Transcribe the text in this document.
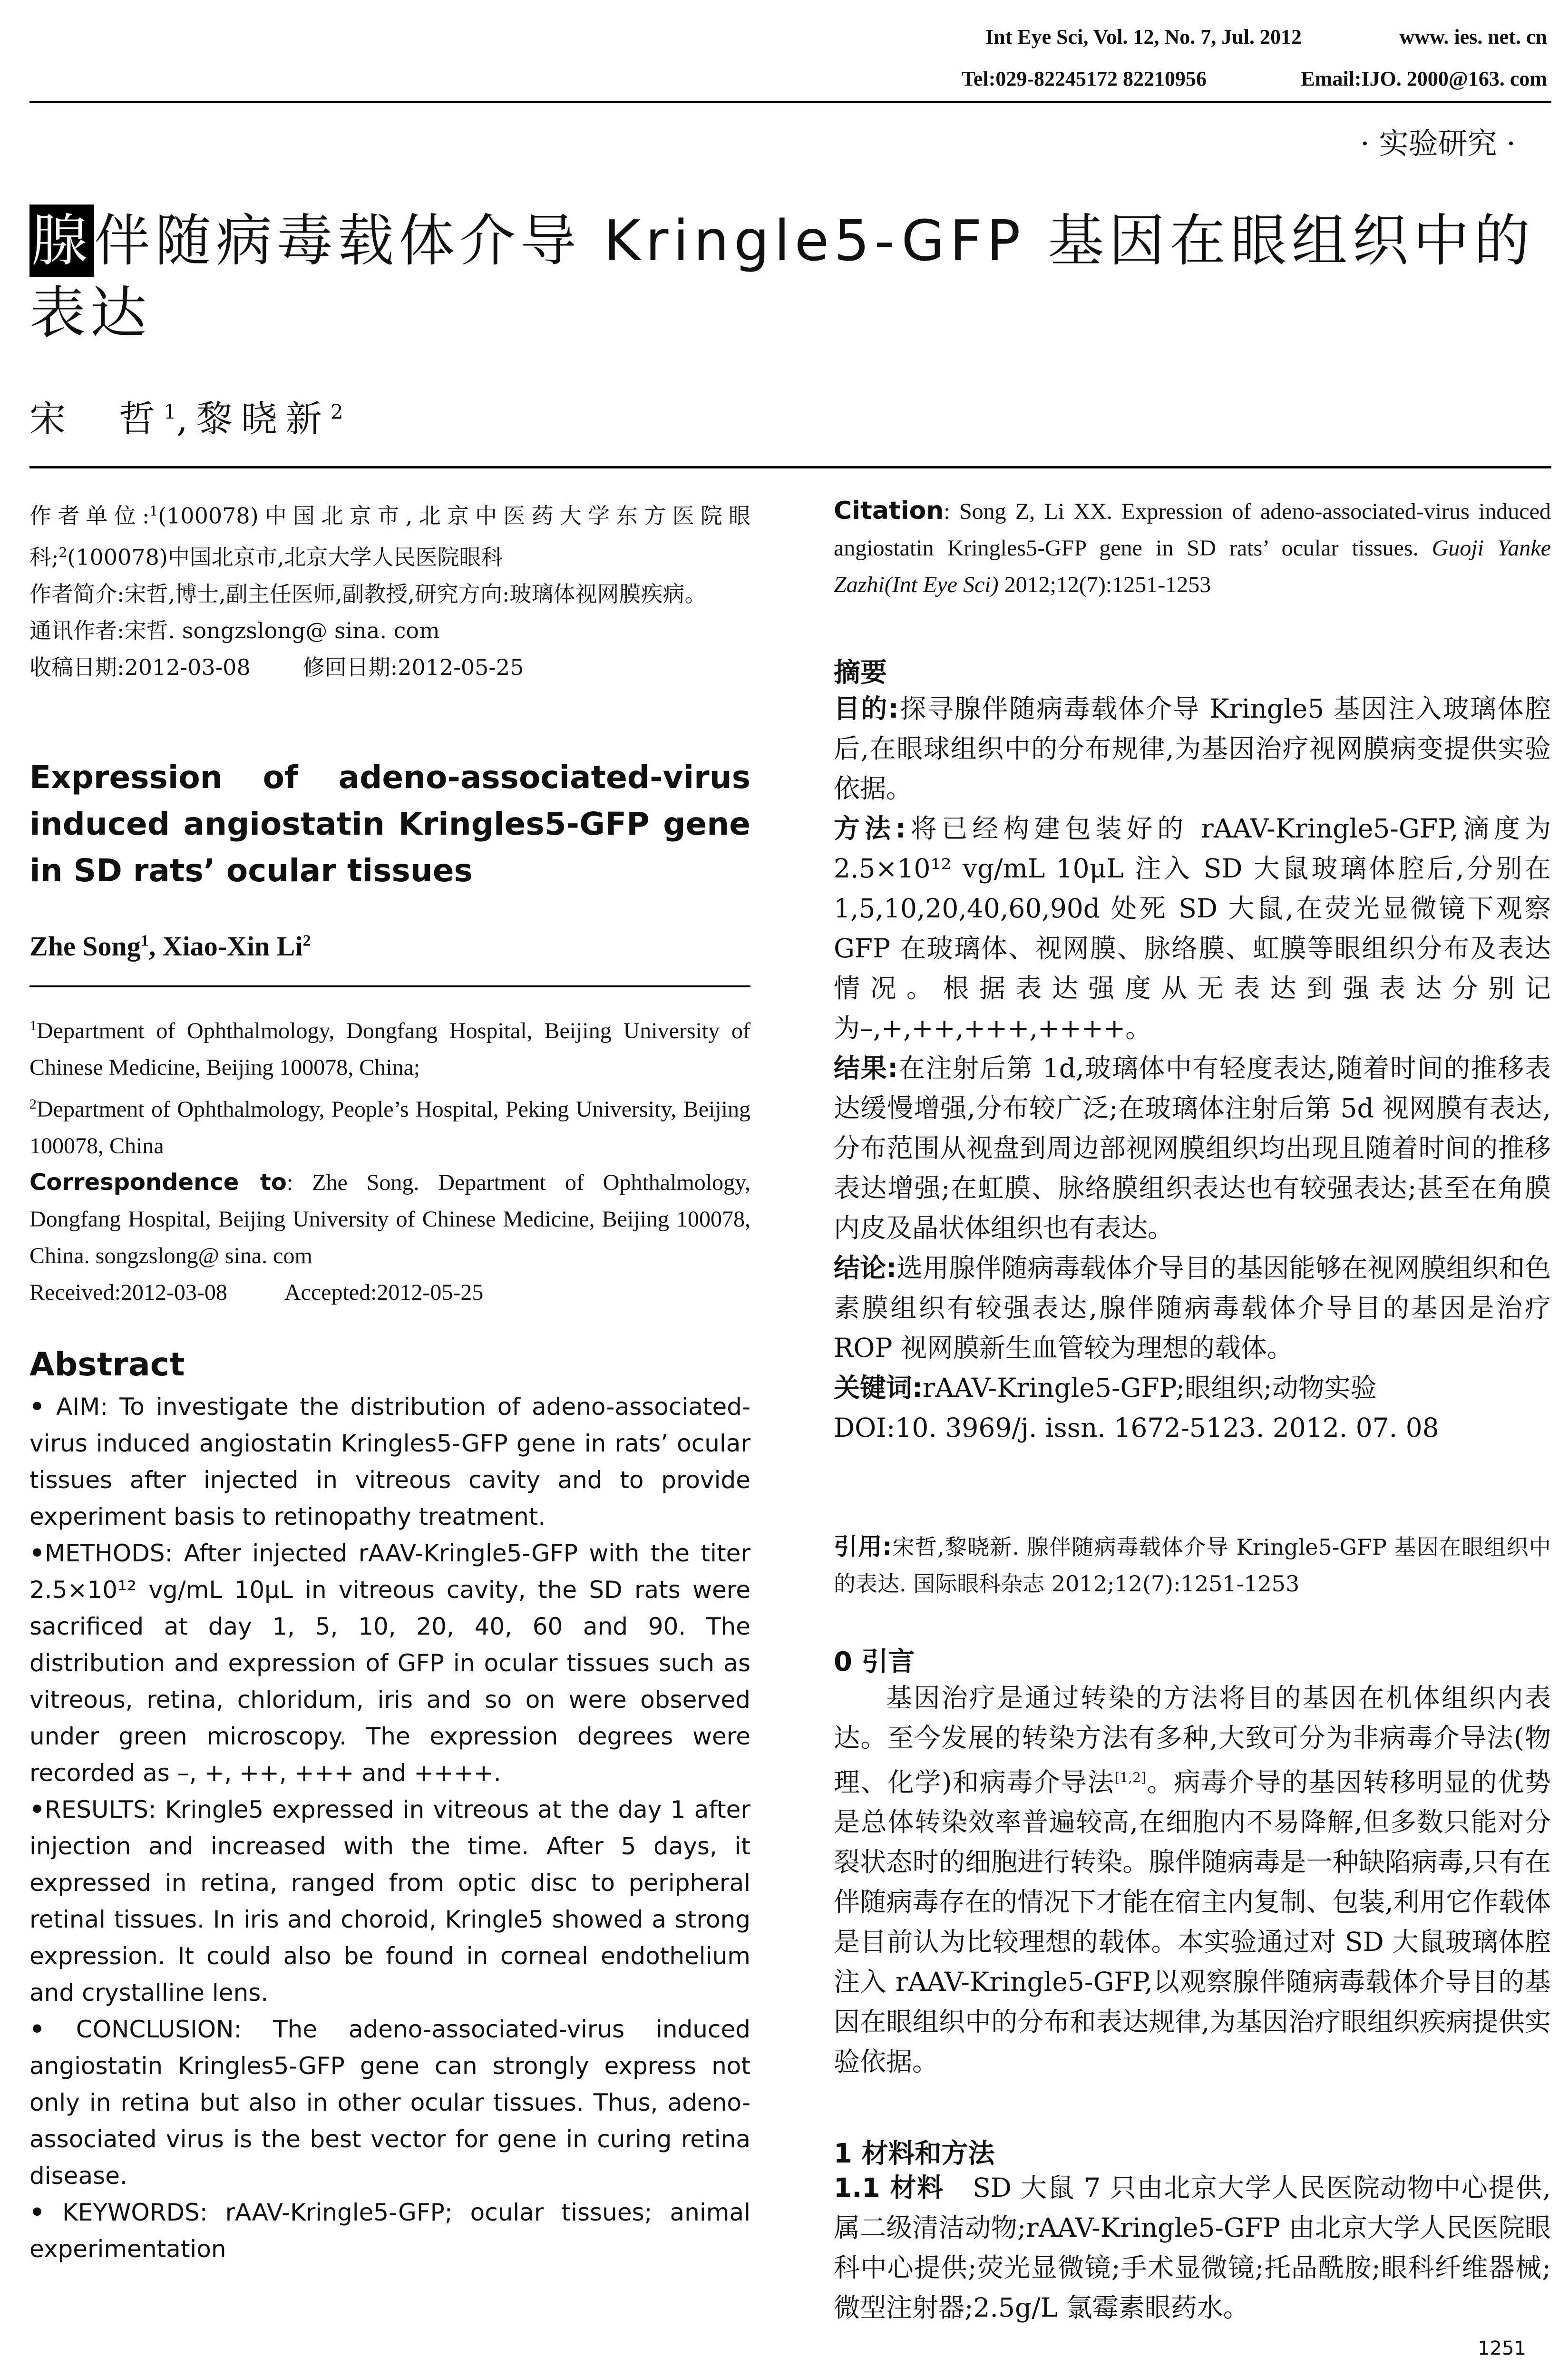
Int Eye Sci, Vol. 12, No. 7, Jul. 2012	www. ies. net. cn
Tel:029-82245172 82210956	Email:IJO. 2000@163. com
· 实验研究 ·
腺伴随病毒载体介导 Kringle5-GFP 基因在眼组织中的表达
宋　哲$^1$,黎晓新$^2$
作者单位:$^1$(100078)中国北京市,北京中医药大学东方医院眼科;$^2$(100078)中国北京市,北京大学人民医院眼科
作者简介:宋哲,博士,副主任医师,副教授,研究方向:玻璃体视网膜疾病。
通讯作者:宋哲. songzslong@ sina. com
收稿日期:2012-03-08 修回日期:2012-05-25
Expression of adeno-associated-virus induced angiostatin Kringles5-GFP gene in SD rats’ ocular tissues
Zhe Song$^1$, Xiao-Xin Li$^2$
$^1$Department of Ophthalmology, Dongfang Hospital, Beijing University of Chinese Medicine, Beijing 100078, China;
$^2$Department of Ophthalmology, People’s Hospital, Peking University, Beijing 100078, China
Correspondence to: Zhe Song. Department of Ophthalmology, Dongfang Hospital, Beijing University of Chinese Medicine, Beijing 100078, China. songzslong@ sina. com
Received:2012-03-08	Accepted:2012-05-25
Abstract
• AIM: To investigate the distribution of adeno-associated-virus induced angiostatin Kringles5-GFP gene in rats’ ocular tissues after injected in vitreous cavity and to provide experiment basis to retinopathy treatment.
•METHODS: After injected rAAV-Kringle5-GFP with the titer 2.5×10¹² vg/mL 10μL in vitreous cavity, the SD rats were sacrificed at day 1, 5, 10, 20, 40, 60 and 90. The distribution and expression of GFP in ocular tissues such as vitreous, retina, chloridum, iris and so on were observed under green microscopy. The expression degrees were recorded as –, +, ++, +++ and ++++.
•RESULTS: Kringle5 expressed in vitreous at the day 1 after injection and increased with the time. After 5 days, it expressed in retina, ranged from optic disc to peripheral retinal tissues. In iris and choroid, Kringle5 showed a strong expression. It could also be found in corneal endothelium and crystalline lens.
• CONCLUSION: The adeno-associated-virus induced angiostatin Kringles5-GFP gene can strongly express not only in retina but also in other ocular tissues. Thus, adeno-associated virus is the best vector for gene in curing retina disease.
• KEYWORDS: rAAV-Kringle5-GFP; ocular tissues; animal experimentation
Citation: Song Z, Li XX. Expression of adeno-associated-virus induced angiostatin Kringles5-GFP gene in SD rats’ ocular tissues. Guoji Yanke Zazhi(Int Eye Sci) 2012;12(7):1251-1253
摘要
目的:探寻腺伴随病毒载体介导 Kringle5 基因注入玻璃体腔后,在眼球组织中的分布规律,为基因治疗视网膜病变提供实验依据。
方法:将已经构建包装好的 rAAV-Kringle5-GFP,滴度为 2.5×10¹² vg/mL 10μL 注入 SD 大鼠玻璃体腔后,分别在 1,5,10,20,40,60,90d 处死 SD 大鼠,在荧光显微镜下观察 GFP 在玻璃体、视网膜、脉络膜、虹膜等眼组织分布及表达情况。根据表达强度从无表达到强表达分别记为–,+,++,+++,++++。
结果:在注射后第 1d,玻璃体中有轻度表达,随着时间的推移表达缓慢增强,分布较广泛;在玻璃体注射后第 5d 视网膜有表达,分布范围从视盘到周边部视网膜组织均出现且随着时间的推移表达增强;在虹膜、脉络膜组织表达也有较强表达;甚至在角膜内皮及晶状体组织也有表达。
结论:选用腺伴随病毒载体介导目的基因能够在视网膜组织和色素膜组织有较强表达,腺伴随病毒载体介导目的基因是治疗 ROP 视网膜新生血管较为理想的载体。
关键词:rAAV-Kringle5-GFP;眼组织;动物实验
DOI:10. 3969/j. issn. 1672-5123. 2012. 07. 08
引用:宋哲,黎晓新. 腺伴随病毒载体介导 Kringle5-GFP 基因在眼组织中的表达. 国际眼科杂志 2012;12(7):1251-1253
0 引言
基因治疗是通过转染的方法将目的基因在机体组织内表达。至今发展的转染方法有多种,大致可分为非病毒介导法(物理、化学)和病毒介导法[1,2]。病毒介导的基因转移明显的优势是总体转染效率普遍较高,在细胞内不易降解,但多数只能对分裂状态时的细胞进行转染。腺伴随病毒是一种缺陷病毒,只有在伴随病毒存在的情况下才能在宿主内复制、包装,利用它作载体是目前认为比较理想的载体。本实验通过对 SD 大鼠玻璃体腔注入 rAAV-Kringle5-GFP,以观察腺伴随病毒载体介导目的基因在眼组织中的分布和表达规律,为基因治疗眼组织疾病提供实验依据。
1 材料和方法
1.1 材料 SD 大鼠 7 只由北京大学人民医院动物中心提供,属二级清洁动物;rAAV-Kringle5-GFP 由北京大学人民医院眼科中心提供;荧光显微镜;手术显微镜;托品酰胺;眼科纤维器械;微型注射器;2.5g/L 氯霉素眼药水。
1251
